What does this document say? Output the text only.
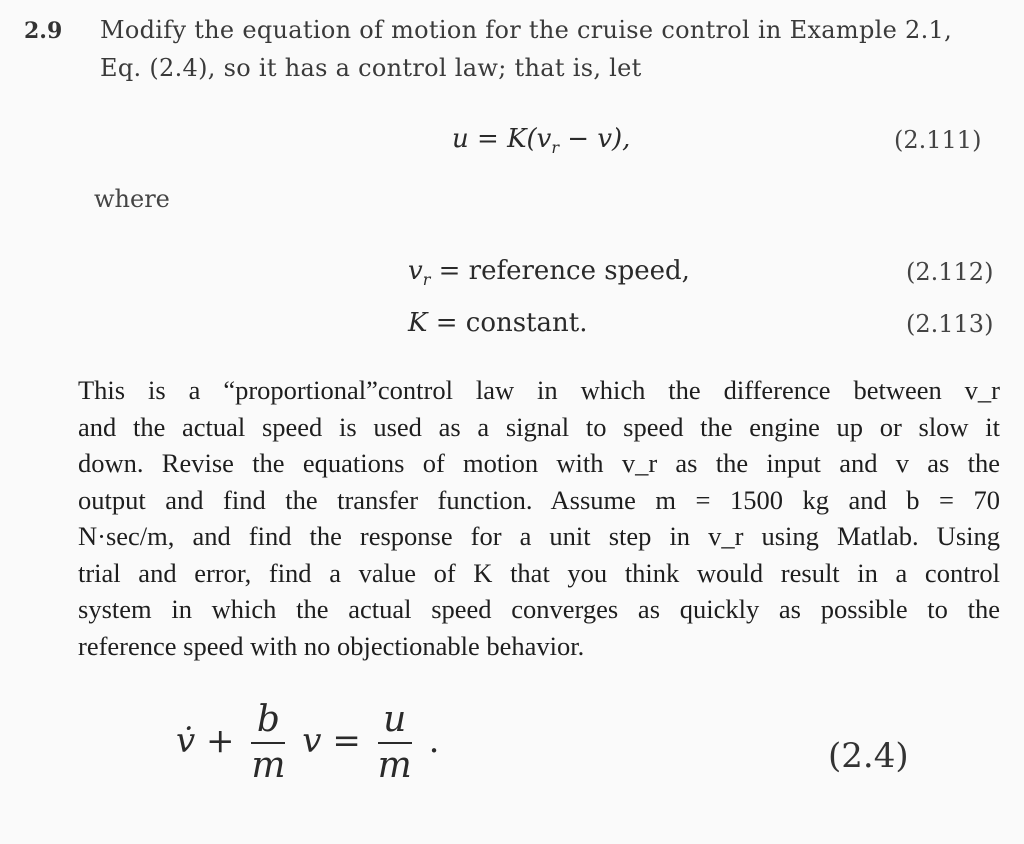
2.9 Modify the equation of motion for the cruise control in Example 2.1,
Eq. (2.4), so it has a control law; that is, let
$u = K(v_r - v)$,	(2.111)
where
$v_r$ = reference speed,	(2.112)
K = constant.	(2.113)
This is a “proportional”control law in which the difference between v_r
and the actual speed is used as a signal to speed the engine up or slow it
down. Revise the equations of motion with v_r as the input and v as the
output and find the transfer function. Assume m = 1500 kg and b = 70
N·sec/m, and find the response for a unit step in v_r using Matlab. Using
trial and error, find a value of K that you think would result in a control
system in which the actual speed converges as quickly as possible to the
reference speed with no objectionable behavior.
v̇ + $\frac{b}{m}$ $v = \frac{u}{m}$ .	(2.4)
